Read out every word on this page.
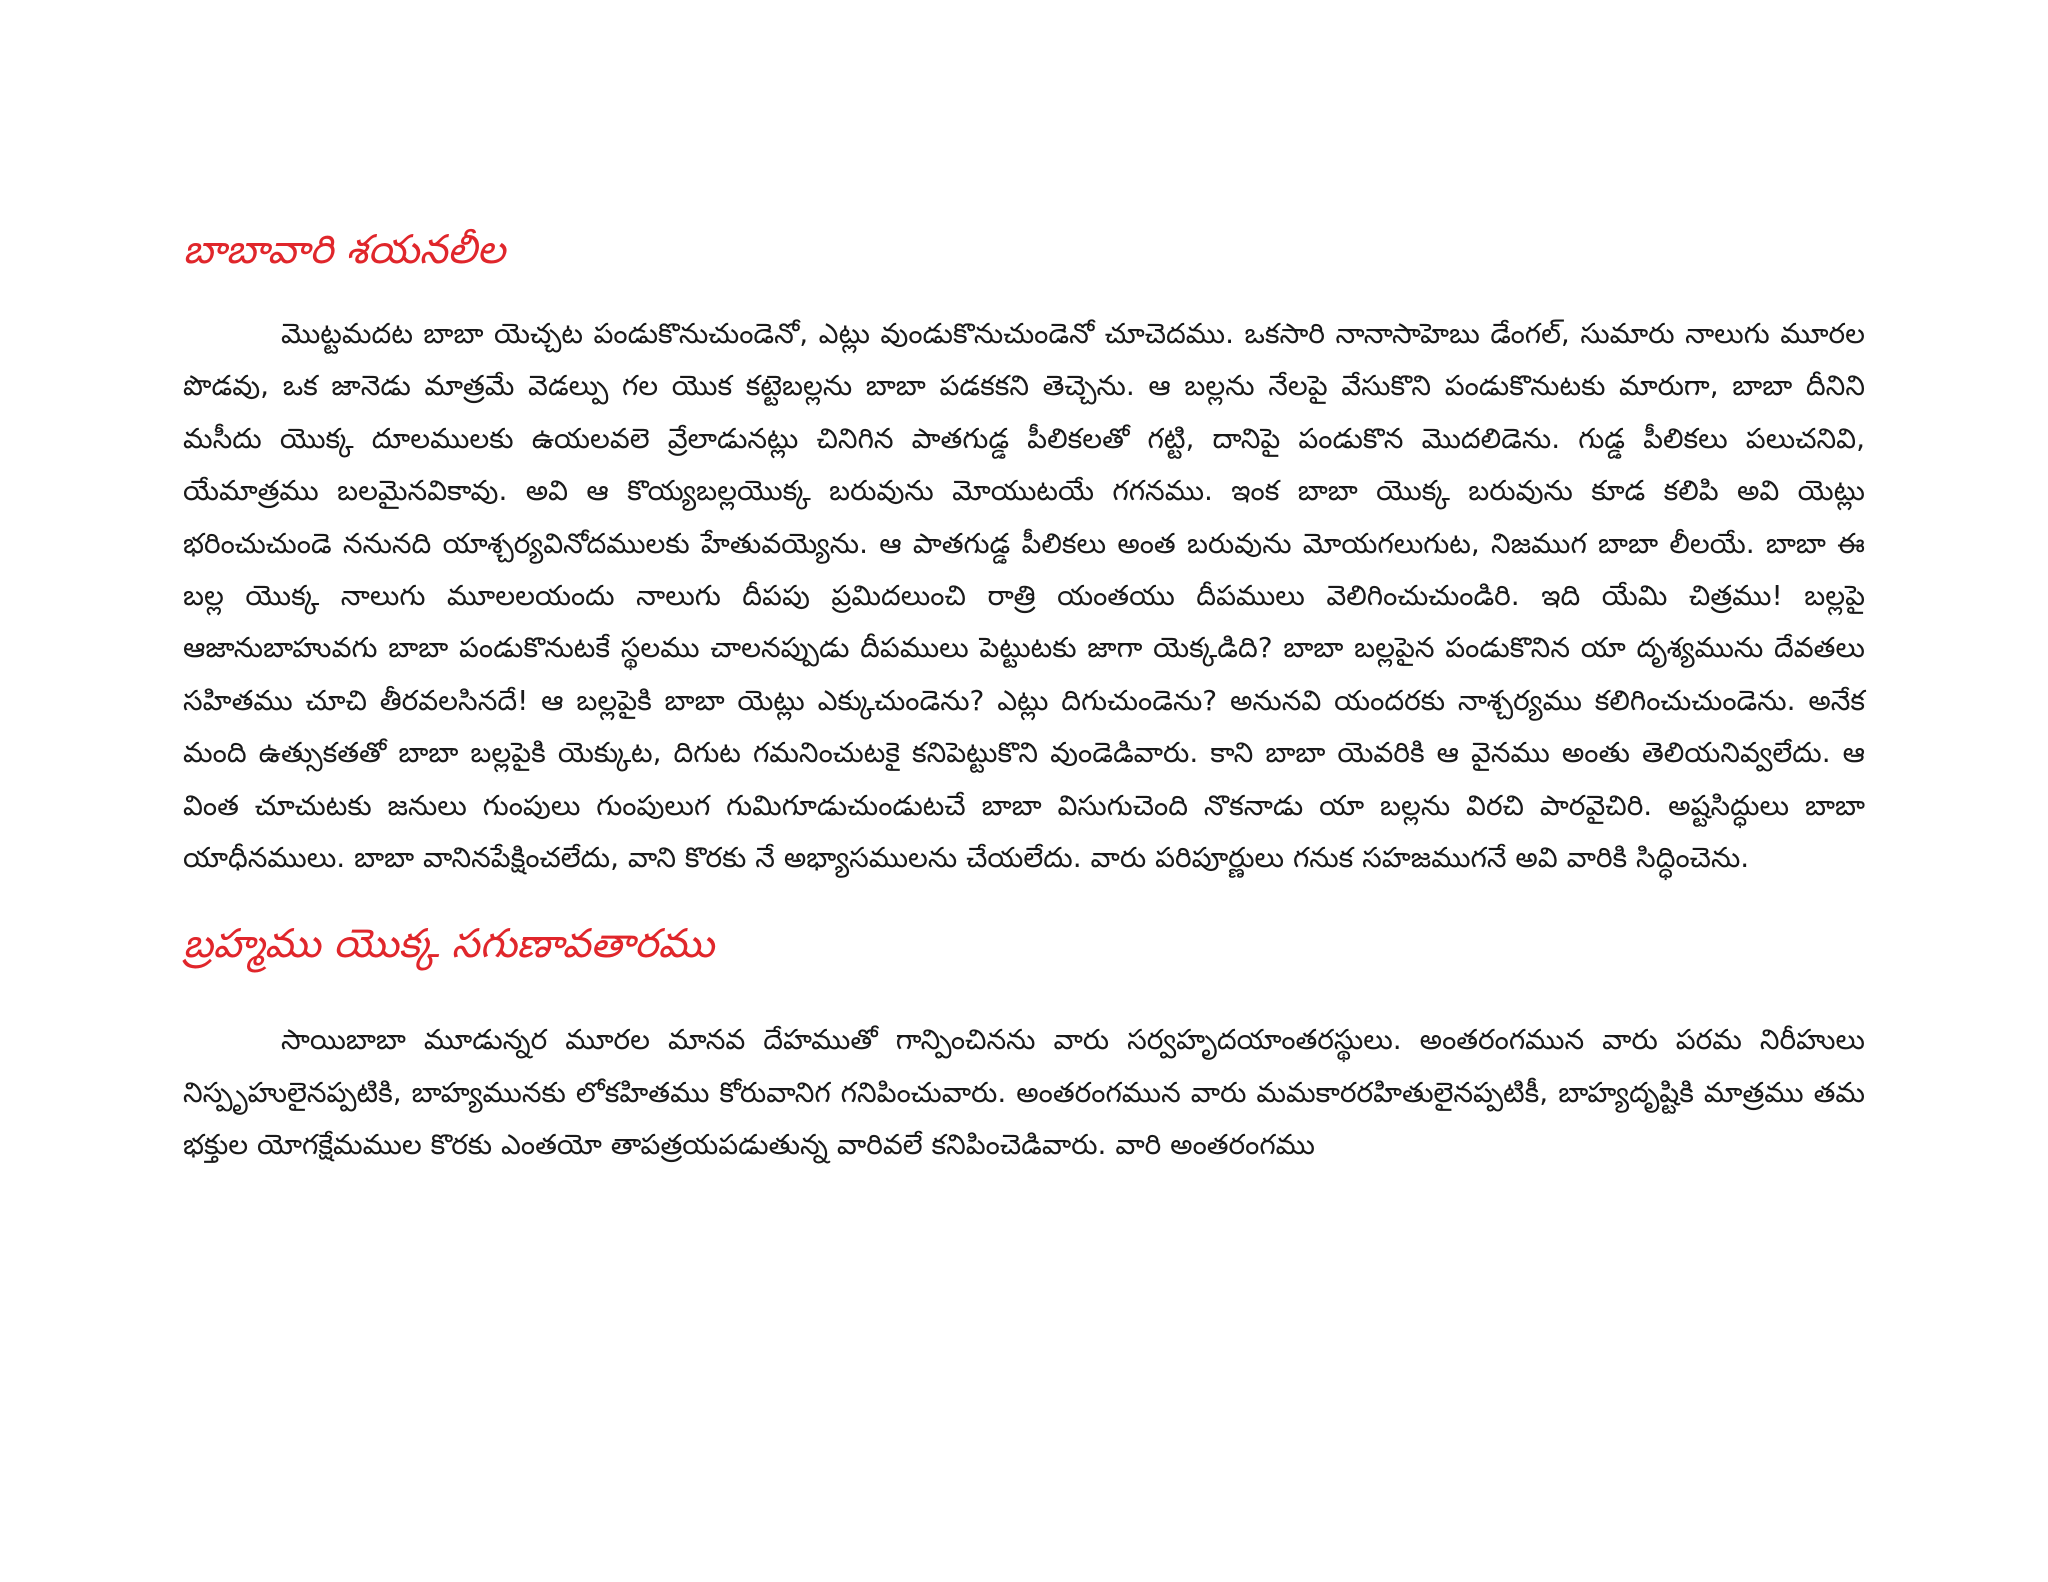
బాబావారి శయనలీల

మొట్టమదట బాబా యెచ్చట పండుకొనుచుండెనో, ఎట్లు వుండుకొనుచుండెనో చూచెదము. ఒకసారి నానాసాహెబు డేంగల్, సుమారు నాలుగు మూరల పొడవు, ఒక జానెడు మాత్రమే వెడల్పు గల యొక కట్టెబల్లను బాబా పడకకని తెచ్చెను. ఆ బల్లను నేలపై వేసుకొని పండుకొనుటకు మారుగా, బాబా దీనిని మసీదు యొక్క దూలములకు ఉయలవలె వ్రేలాడునట్లు చినిగిన పాతగుడ్డ పీలికలతో గట్టి, దానిపై పండుకొన మొదలిడెను. గుడ్డ పీలికలు పలుచనివి, యేమాత్రము బలమైనవికావు. అవి ఆ కొయ్యబల్లయొక్క బరువును మోయుటయే గగనము. ఇంక బాబా యొక్క బరువును కూడ కలిపి అవి యెట్లు భరించుచుండె ననునది యాశ్చర్యవినోదములకు హేతువయ్యెను. ఆ పాతగుడ్డ పీలికలు అంత బరువును మోయగలుగుట, నిజముగ బాబా లీలయే. బాబా ఈ బల్ల యొక్క నాలుగు మూలలయందు నాలుగు దీపపు ప్రమిదలుంచి రాత్రి యంతయు దీపములు వెలిగించుచుండిరి. ఇది యేమి చిత్రము! బల్లపై ఆజానుబాహువగు బాబా పండుకొనుటకే స్థలము చాలనప్పుడు దీపములు పెట్టుటకు జాగా యెక్కడిది? బాబా బల్లపైన పండుకొనిన యా దృశ్యమును దేవతలు సహితము చూచి తీరవలసినదే! ఆ బల్లపైకి బాబా యెట్లు ఎక్కుచుండెను? ఎట్లు దిగుచుండెను? అనునవి యందరకు నాశ్చర్యము కలిగించుచుండెను. అనేక మంది ఉత్సుకతతో బాబా బల్లపైకి యెక్కుట, దిగుట గమనించుటకై కనిపెట్టుకొని వుండెడివారు. కాని బాబా యెవరికి ఆ వైనము అంతు తెలియనివ్వలేదు. ఆ వింత చూచుటకు జనులు గుంపులు గుంపులుగ గుమిగూడుచుండుటచే బాబా విసుగుచెంది నొకనాడు యా బల్లను విరచి పారవైచిరి. అష్టసిద్ధులు బాబా యాధీనములు. బాబా వానినపేక్షించలేదు, వాని కొరకు నే అభ్యాసములను చేయలేదు. వారు పరిపూర్ణులు గనుక సహజముగనే అవి వారికి సిద్ధించెను.

బ్రహ్మము యొక్క సగుణావతారము

సాయిబాబా మూడున్నర మూరల మానవ దేహముతో గాన్పించినను వారు సర్వహృదయాంతరస్థులు. అంతరంగమున వారు పరమ నిరీహులు నిస్పృహులైనప్పటికి, బాహ్యమునకు లోకహితము కోరువానిగ గనిపించువారు. అంతరంగమున వారు మమకారరహితులైనప్పటికీ, బాహ్యదృష్టికి మాత్రము తమ భక్తుల యోగక్షేమముల కొరకు ఎంతయో తాపత్రయపడుతున్న వారివలే కనిపించెడివారు. వారి అంతరంగము
